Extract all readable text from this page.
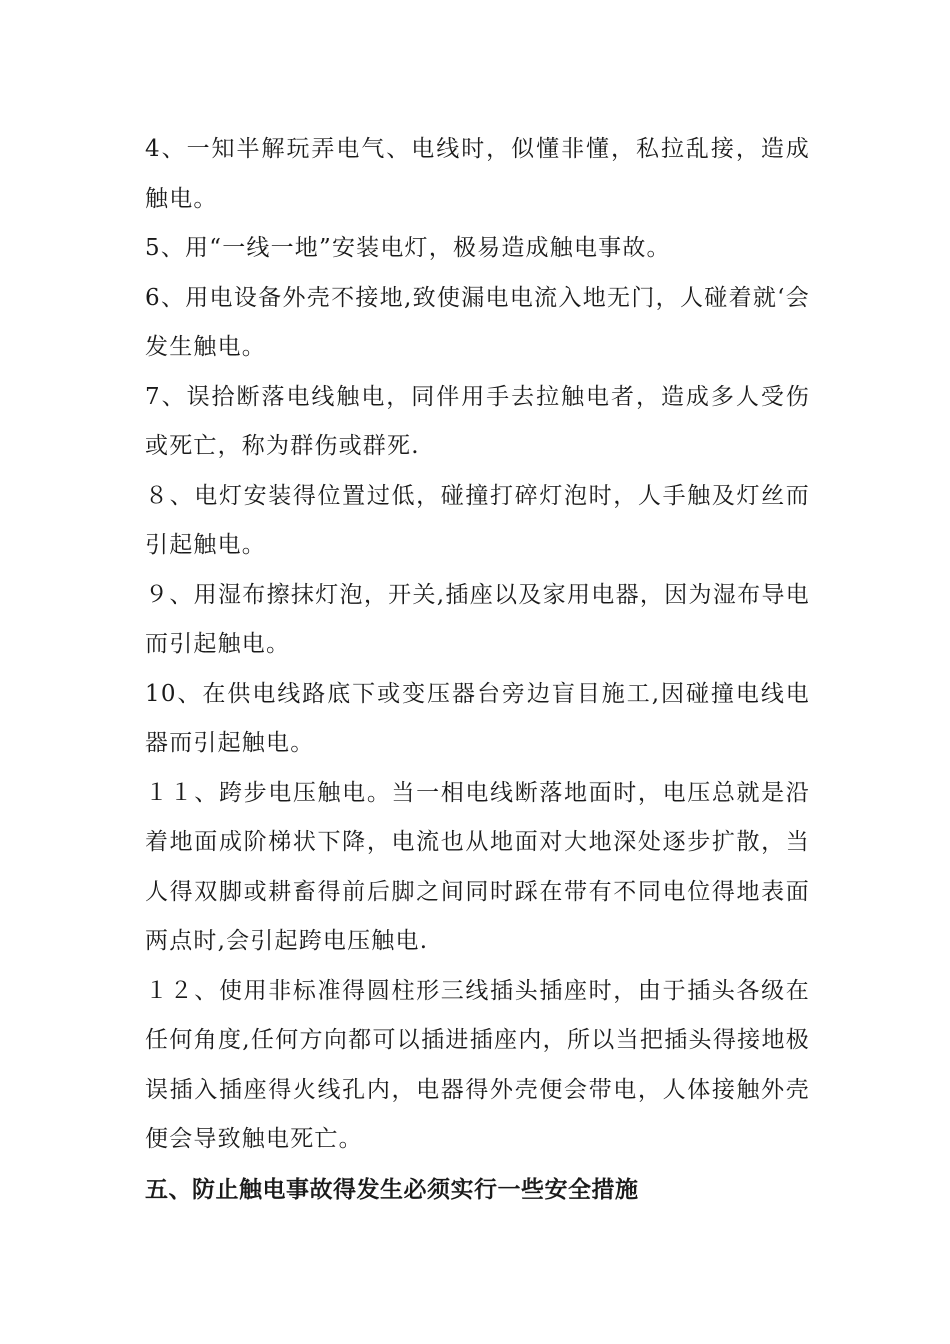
4、一知半解玩弄电气、电线时，似懂非懂，私拉乱接，造成触电。

5、用“一线一地”安装电灯，极易造成触电事故。

6、用电设备外壳不接地,致使漏电电流入地无门，人碰着就‘会发生触电。

7、误拾断落电线触电，同伴用手去拉触电者，造成多人受伤或死亡，称为群伤或群死.

８、电灯安装得位置过低，碰撞打碎灯泡时，人手触及灯丝而引起触电。

９、用湿布擦抹灯泡，开关,插座以及家用电器，因为湿布导电而引起触电。

10、在供电线路底下或变压器台旁边盲目施工,因碰撞电线电器而引起触电。

１１、跨步电压触电。当一相电线断落地面时，电压总就是沿着地面成阶梯状下降，电流也从地面对大地深处逐步扩散，当人得双脚或耕畜得前后脚之间同时踩在带有不同电位得地表面两点时,会引起跨电压触电.

１２、使用非标准得圆柱形三线插头插座时，由于插头各级在任何角度,任何方向都可以插进插座内，所以当把插头得接地极误插入插座得火线孔内，电器得外壳便会带电，人体接触外壳便会导致触电死亡。

五、防止触电事故得发生必须实行一些安全措施
